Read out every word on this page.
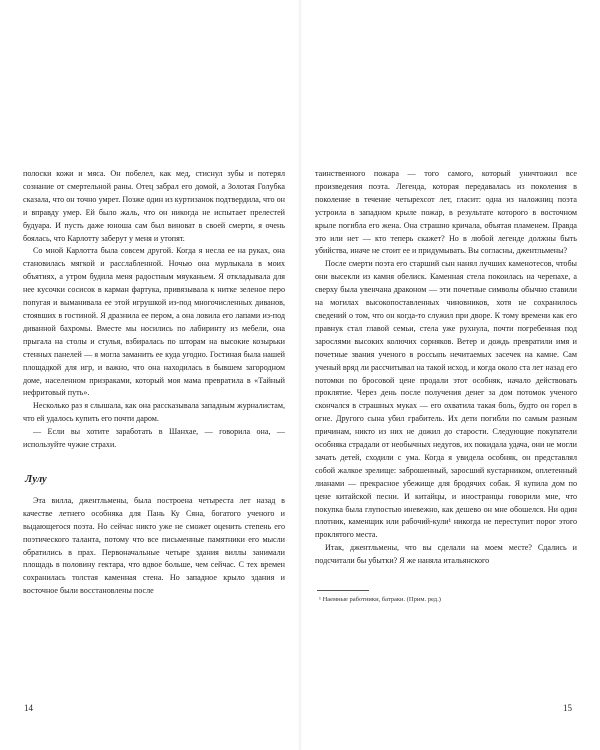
полоски кожи и мяса. Он побелел, как мед, стиснул зубы и потерял сознание от смертельной раны. Отец забрал его домой, а Золотая Голубка сказала, что он точно умрет. Позже один из куртизанок подтвердила, что он и вправду умер. Ей было жаль, что он никогда не испытает прелестей будуара. И пусть даже юноша сам был виноват в своей смерти, я очень боялась, что Карлотту заберут у меня и утопят.

Со мной Карлотта была совсем другой. Когда я несла ее на руках, она становилась мягкой и расслабленной. Ночью она мурлыкала в моих объятиях, а утром будила меня радостным мяуканьем. Я откладывала для нее кусочки сосисок в карман фартука, привязывала к нитке зеленое перо попугая и выманивала ее этой игрушкой из-под многочисленных диванов, стоявших в гостиной. Я дразнила ее пером, а она ловила его лапами из-под диванной бахромы. Вместе мы носились по лабиринту из мебели, она прыгала на столы и стулья, взбиралась по шторам на высокие козырьки стенных панелей — я могла заманить ее куда угодно. Гостиная была нашей площадкой для игр, и важно, что она находилась в бывшем загородном доме, населенном призраками, который моя мама превратила в «Тайный нефритовый путь».

Несколько раз я слышала, как она рассказывала западным журналистам, что ей удалось купить его почти даром.

— Если вы хотите заработать в Шанхае, — говорила она, — используйте чужие страхи.

Лулу

Эта вилла, джентльмены, была построена четыреста лет назад в качестве летнего особняка для Пань Ку Сяна, богатого ученого и выдающегося поэта. Но сейчас никто уже не сможет оценить степень его поэтического таланта, потому что все письменные памятники его мысли обратились в прах. Первоначальные четыре здания виллы занимали площадь в половину гектара, что вдвое больше, чем сейчас. С тех времен сохранилась толстая каменная стена. Но западное крыло здания и восточное были восстановлены после

таинственного пожара — того самого, который уничтожил все произведения поэта. Легенда, которая передавалась из поколения в поколение в течение четырехсот лет, гласит: одна из наложниц поэта устроила в западном крыле пожар, в результате которого в восточном крыле погибла его жена. Она страшно кричала, объятая пламенем. Правда это или нет — кто теперь скажет? Но в любой легенде должны быть убийства, иначе не стоит ее и придумывать. Вы согласны, джентльмены?

После смерти поэта его старший сын нанял лучших каменотесов, чтобы они высекли из камня обелиск. Каменная стела покоилась на черепахе, а сверху была увенчана драконом — эти почетные символы обычно ставили на могилах высокопоставленных чиновников, хотя не сохранилось сведений о том, что он когда-то служил при дворе. К тому времени как его правнук стал главой семьи, стела уже рухнула, почти погребенная под зарослями высоких колючих сорняков. Ветер и дождь превратили имя и почетные звания ученого в россыпь нечитаемых засечек на камне. Сам ученый вряд ли рассчитывал на такой исход, и когда около ста лет назад его потомки по бросовой цене продали этот особняк, начало действовать проклятие. Через день после получения денег за дом потомок ученого скончался в страшных муках — его охватила такая боль, будто он горел в огне. Другого сына убил грабитель. Их дети погибли по самым разным причинам, никто из них не дожил до старости. Следующие покупатели особняка страдали от необычных недугов, их покидала удача, они не могли зачать детей, сходили с ума. Когда я увидела особняк, он представлял собой жалкое зрелище: заброшенный, заросший кустарником, оплетенный лианами — прекрасное убежище для бродячих собак. Я купила дом по цене китайской песни. И китайцы, и иностранцы говорили мне, что покупка была глупостью иневежно, как дешево он мне обошелся. Ни один плотник, каменщик или рабочий-кули¹ никогда не переступит порог этого проклятого места.

Итак, джентльмены, что вы сделали на моем месте? Сдались и подсчитали бы убытки? Я же наняла итальянского

¹ Наемные работники, батраки. (Прим. ред.)

14	15
